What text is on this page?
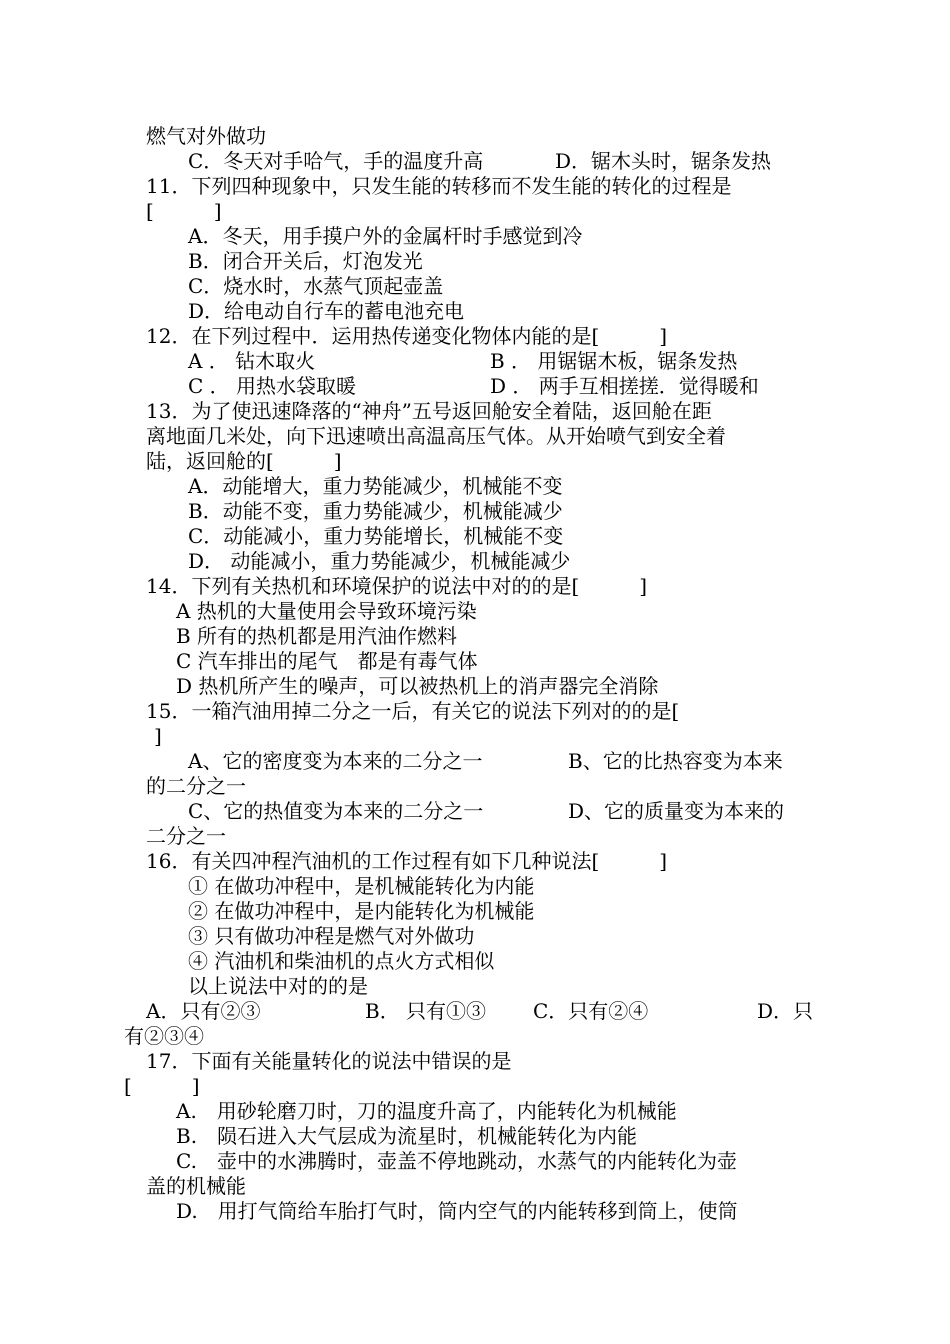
燃气对外做功
C．冬天对手哈气，手的温度升高	D．锯木头时，锯条发热
11．下列四种现象中，只发生能的转移而不发生能的转化的过程是
[　　　]
A．冬天，用手摸户外的金属杆时手感觉到冷
B．闭合开关后，灯泡发光
C．烧水时，水蒸气顶起壶盖
D．给电动自行车的蓄电池充电
12．在下列过程中．运用热传递变化物体内能的是[　　　]
A ． 钻木取火	B ． 用锯锯木板，锯条发热
C ． 用热水袋取暖	D ． 两手互相搓搓．觉得暖和
13．为了使迅速降落的“神舟”五号返回舱安全着陆，返回舱在距
离地面几米处，向下迅速喷出高温高压气体。从开始喷气到安全着
陆，返回舱的[　　　]
A．动能增大，重力势能减少，机械能不变
B．动能不变，重力势能减少，机械能减少
C．动能减小，重力势能增长，机械能不变
D． 动能减小，重力势能减少，机械能减少
14．下列有关热机和环境保护的说法中对的的是[　　　]
A 热机的大量使用会导致环境污染
B 所有的热机都是用汽油作燃料
C 汽车排出的尾气　都是有毒气体
D 热机所产生的噪声，可以被热机上的消声器完全消除
15．一箱汽油用掉二分之一后，有关它的说法下列对的的是[
]
A、它的密度变为本来的二分之一	B、它的比热容变为本来
的二分之一
C、它的热值变为本来的二分之一	D、它的质量变为本来的
二分之一
16．有关四冲程汽油机的工作过程有如下几种说法[　　　]
① 在做功冲程中，是机械能转化为内能
② 在做功冲程中，是内能转化为机械能
③ 只有做功冲程是燃气对外做功
④ 汽油机和柴油机的点火方式相似
以上说法中对的的是
A．只有②③	B． 只有①③ C．只有②④	D．只
有②③④
17．下面有关能量转化的说法中错误的是
[　　　]
A.　用砂轮磨刀时，刀的温度升高了，内能转化为机械能
B.　陨石进入大气层成为流星时，机械能转化为内能
C.　壶中的水沸腾时，壶盖不停地跳动，水蒸气的内能转化为壶
盖的机械能
D.　用打气筒给车胎打气时，筒内空气的内能转移到筒上，使筒
